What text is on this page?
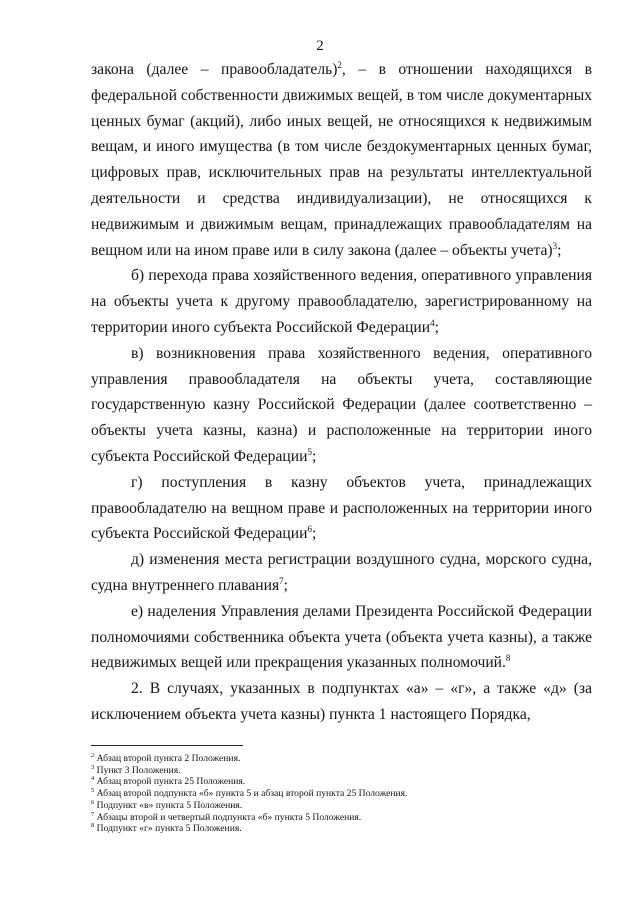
2

закона (далее – правообладатель)$^2$, – в отношении находящихся в федеральной собственности движимых вещей, в том числе документарных ценных бумаг (акций), либо иных вещей, не относящихся к недвижимым вещам, и иного имущества (в том числе бездокументарных ценных бумаг, цифровых прав, исключительных прав на результаты интеллектуальной деятельности и средства индивидуализации), не относящихся к недвижимым и движимым вещам, принадлежащих правообладателям на вещном или на ином праве или в силу закона (далее – объекты учета)$^3$;

б) перехода права хозяйственного ведения, оперативного управления на объекты учета к другому правообладателю, зарегистрированному на территории иного субъекта Российской Федерации$^4$;

в) возникновения права хозяйственного ведения, оперативного управления правообладателя на объекты учета, составляющие государственную казну Российской Федерации (далее соответственно – объекты учета казны, казна) и расположенные на территории иного субъекта Российской Федерации$^5$;

г) поступления в казну объектов учета, принадлежащих правообладателю на вещном праве и расположенных на территории иного субъекта Российской Федерации$^6$;

д) изменения места регистрации воздушного судна, морского судна, судна внутреннего плавания$^7$;

е) наделения Управления делами Президента Российской Федерации полномочиями собственника объекта учета (объекта учета казны), а также недвижимых вещей или прекращения указанных полномочий.$^8$

2. В случаях, указанных в подпунктах «а» – «г», а также «д» (за исключением объекта учета казны) пункта 1 настоящего Порядка,

$^2$ Абзац второй пункта 2 Положения.
$^3$ Пункт 3 Положения.
$^4$ Абзац второй пункта 25 Положения.
$^5$ Абзац второй подпункта «б» пункта 5 и абзац второй пункта 25 Положения.
$^6$ Подпункт «в» пункта 5 Положения.
$^7$ Абзацы второй и четвертый подпункта «б» пункта 5 Положения.
$^8$ Подпункт «г» пункта 5 Положения.
